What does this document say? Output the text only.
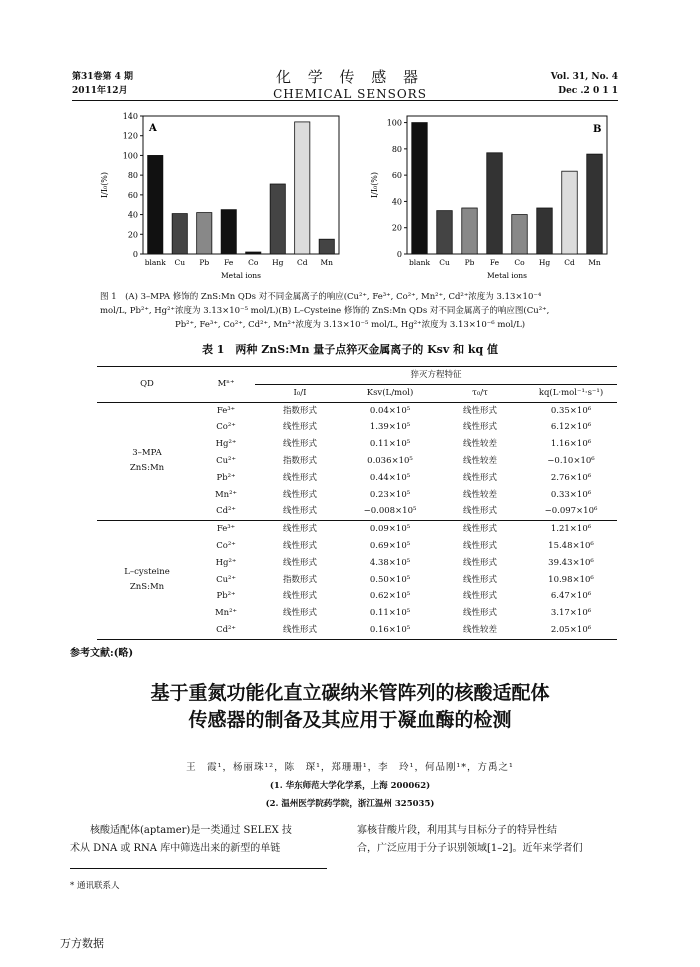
第31卷第 4 期
2011年12月
化 学 传 感 器
CHEMICAL SENSORS
Vol. 31, No. 4
Dec .2 0 1 1
0
20
40
60
80
100
120
140
blank Cu Pb Fe Co Hg Cd Mn
Metal ions
I/I₀(%)
A
0
20
40
60
80
100
blank Cu Pb Fe Co Hg Cd Mn
Metal ions
I/I₀(%)
B
图 1　(A) 3–MPA 修饰的 ZnS:Mn QDs 对不同金属离子的响应(Cu²⁺, Fe³⁺, Co²⁺, Mn²⁺, Cd²⁺浓度为 3.13×10⁻⁴
mol/L, Pb²⁺, Hg²⁺浓度为 3.13×10⁻⁵ mol/L)(B) L–Cysteine 修饰的 ZnS:Mn QDs 对不同金属离子的响应图(Cu²⁺,
Pb²⁺, Fe³⁺, Co²⁺, Cd²⁺, Mn²⁺浓度为 3.13×10⁻⁵ mol/L, Hg²⁺浓度为 3.13×10⁻⁶ mol/L)
表 1　两种 ZnS:Mn 量子点猝灭金属离子的 Ksv 和 kq 值
QD	Mⁿ⁺	猝灭方程特征			
		I₀/I	Ksv(L/mol)	τ₀/τ	kq(L·mol⁻¹·s⁻¹)

3–MPA
ZnS:Mn	Fe³⁺	指数形式	0.04×10⁵	线性形式	0.35×10⁶
	Co²⁺	线性形式	1.39×10⁵	线性形式	6.12×10⁶
	Hg²⁺	线性形式	0.11×10⁵	线性较差	1.16×10⁶
	Cu²⁺	指数形式	0.036×10⁵	线性较差	−0.10×10⁶
	Pb²⁺	线性形式	0.44×10⁵	线性形式	2.76×10⁶
	Mn²⁺	线性形式	0.23×10⁵	线性较差	0.33×10⁶
	Cd²⁺	线性形式	−0.008×10⁵	线性形式	−0.097×10⁶

L–cysteine
ZnS:Mn	Fe³⁺	线性形式	0.09×10⁵	线性形式	1.21×10⁶
	Co²⁺	线性形式	0.69×10⁵	线性形式	15.48×10⁶
	Hg²⁺	线性形式	4.38×10⁵	线性形式	39.43×10⁶
	Cu²⁺	指数形式	0.50×10⁵	线性形式	10.98×10⁶
	Pb²⁺	线性形式	0.62×10⁵	线性形式	6.47×10⁶
	Mn²⁺	线性形式	0.11×10⁵	线性形式	3.17×10⁶
	Cd²⁺	线性形式	0.16×10⁵	线性较差	2.05×10⁶
参考文献:(略)
基于重氮功能化直立碳纳米管阵列的核酸适配体
传感器的制备及其应用于凝血酶的检测
王　霞¹，杨丽珠¹²，陈　琛¹，郑珊珊¹，李　玲¹，何品刚¹*，方禹之¹
(1. 华东师范大学化学系，上海 200062)
(2. 温州医学院药学院，浙江温州 325035)
核酸适配体(aptamer)是一类通过 SELEX 技
术从 DNA 或 RNA 库中筛选出来的新型的单链
寡核苷酸片段，利用其与目标分子的特异性结
合，广泛应用于分子识别领域[1–2]。近年来学者们
* 通讯联系人
万方数据
